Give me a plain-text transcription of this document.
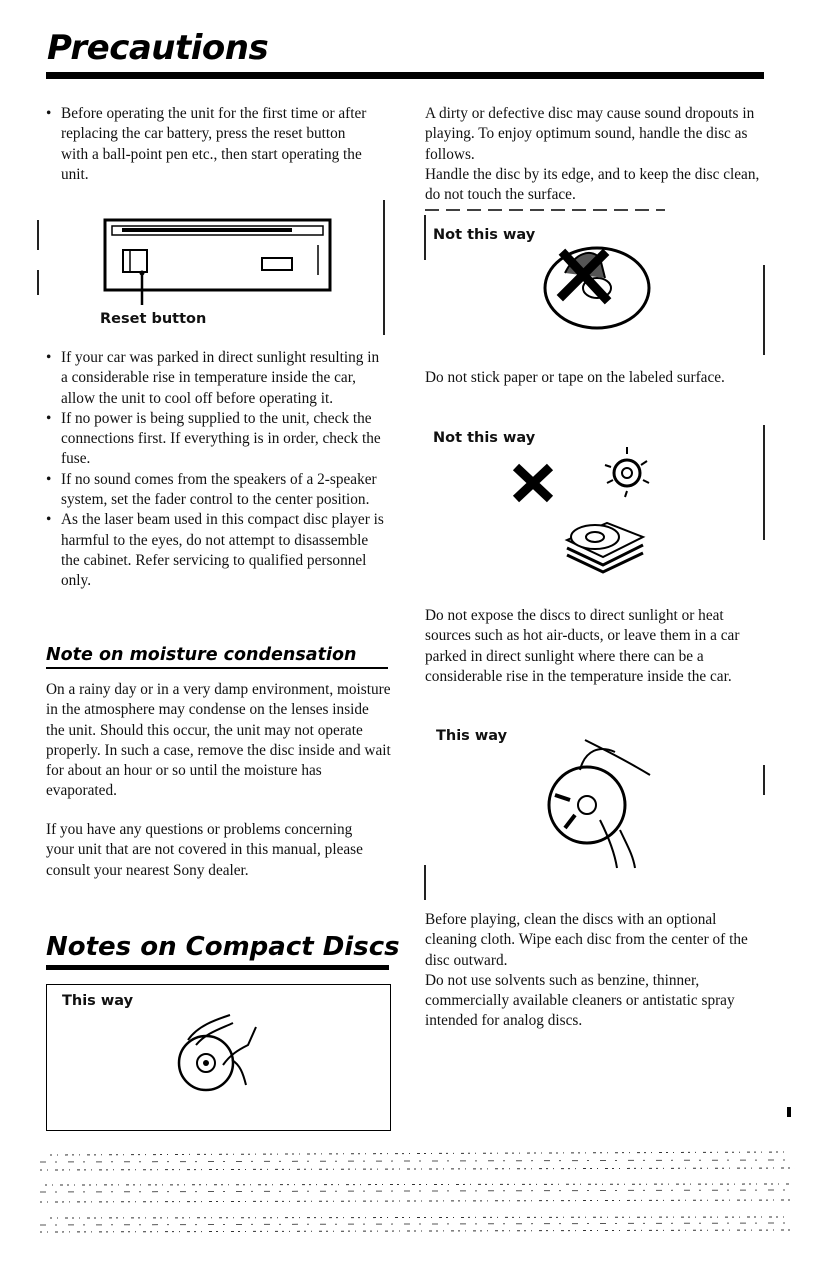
Precautions
• Before operating the unit for the first time or after replacing the car battery, press the reset button with a ball-point pen etc., then start operating the unit.
Reset button
• If your car was parked in direct sunlight resulting in a considerable rise in temperature inside the car, allow the unit to cool off before operating it.
• If no power is being supplied to the unit, check the connections first. If everything is in order, check the fuse.
• If no sound comes from the speakers of a 2-speaker system, set the fader control to the center position.
• As the laser beam used in this compact disc player is harmful to the eyes, do not attempt to disassemble the cabinet. Refer servicing to qualified personnel only.
Note on moisture condensation

On a rainy day or in a very damp environment, moisture in the atmosphere may condense on the lenses inside the unit. Should this occur, the unit may not operate properly. In such a case, remove the disc inside and wait for about an hour or so until the moisture has evaporated.

If you have any questions or problems concerning your unit that are not covered in this manual, please consult your nearest Sony dealer.

Notes on Compact Discs
This way

A dirty or defective disc may cause sound dropouts in playing. To enjoy optimum sound, handle the disc as follows.

Handle the disc by its edge, and to keep the disc clean, do not touch the surface.

Not this way

Do not stick paper or tape on the labeled surface.

Not this way

Do not expose the discs to direct sunlight or heat sources such as hot air-ducts, or leave them in a car parked in direct sunlight where there can be a considerable rise in the temperature inside the car.

This way

Before playing, clean the discs with an optional cleaning cloth. Wipe each disc from the center of the disc outward.

Do not use solvents such as benzine, thinner, commercially available cleaners or antistatic spray intended for analog discs.
